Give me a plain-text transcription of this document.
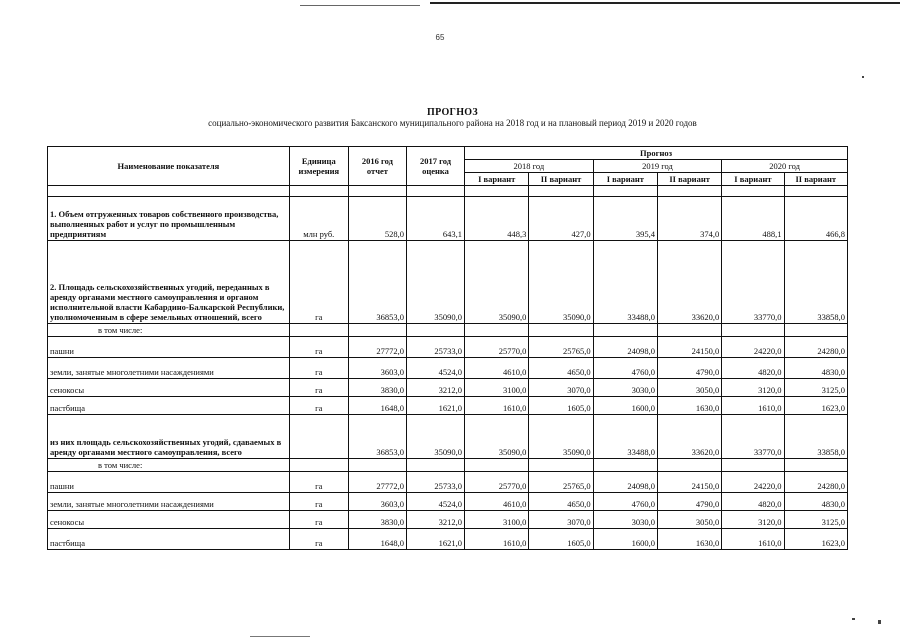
65
ПРОГНОЗ
социально-экономического развития Баксанского муниципального района на 2018 год и на плановый период 2019 и 2020 годов
Наименование показателя	Единица измерения	2016 год отчет	2017 год оценка	Прогноз					
				2018 год		2019 год		2020 год	
				I вариант	II вариант	I вариант	II вариант	I вариант	II вариант

1. Объем отгруженных товаров собственного производства, выполненных работ и услуг по промышленным предприятиям	млн руб.	528,0	643,1	448,3	427,0	395,4	374,0	488,1	466,8
2. Площадь сельскохозяйственных угодий, переданных в аренду органами местного самоуправления и органом исполнительной власти Кабардино-Балкарской Республики, уполномоченным в сфере земельных отношений, всего	га	36853,0	35090,0	35090,0	35090,0	33488,0	33620,0	33770,0	33858,0
в том числе:									
пашни	га	27772,0	25733,0	25770,0	25765,0	24098,0	24150,0	24220,0	24280,0
земли, занятые многолетними насаждениями	га	3603,0	4524,0	4610,0	4650,0	4760,0	4790,0	4820,0	4830,0
сенокосы	га	3830,0	3212,0	3100,0	3070,0	3030,0	3050,0	3120,0	3125,0
пастбища	га	1648,0	1621,0	1610,0	1605,0	1600,0	1630,0	1610,0	1623,0
из них площадь сельскохозяйственных угодий, сдаваемых в аренду органами местного самоуправления, всего		36853,0	35090,0	35090,0	35090,0	33488,0	33620,0	33770,0	33858,0
в том числе:									
пашни	га	27772,0	25733,0	25770,0	25765,0	24098,0	24150,0	24220,0	24280,0
земли, занятые многолетними насаждениями	га	3603,0	4524,0	4610,0	4650,0	4760,0	4790,0	4820,0	4830,0
сенокосы	га	3830,0	3212,0	3100,0	3070,0	3030,0	3050,0	3120,0	3125,0
пастбища	га	1648,0	1621,0	1610,0	1605,0	1600,0	1630,0	1610,0	1623,0
